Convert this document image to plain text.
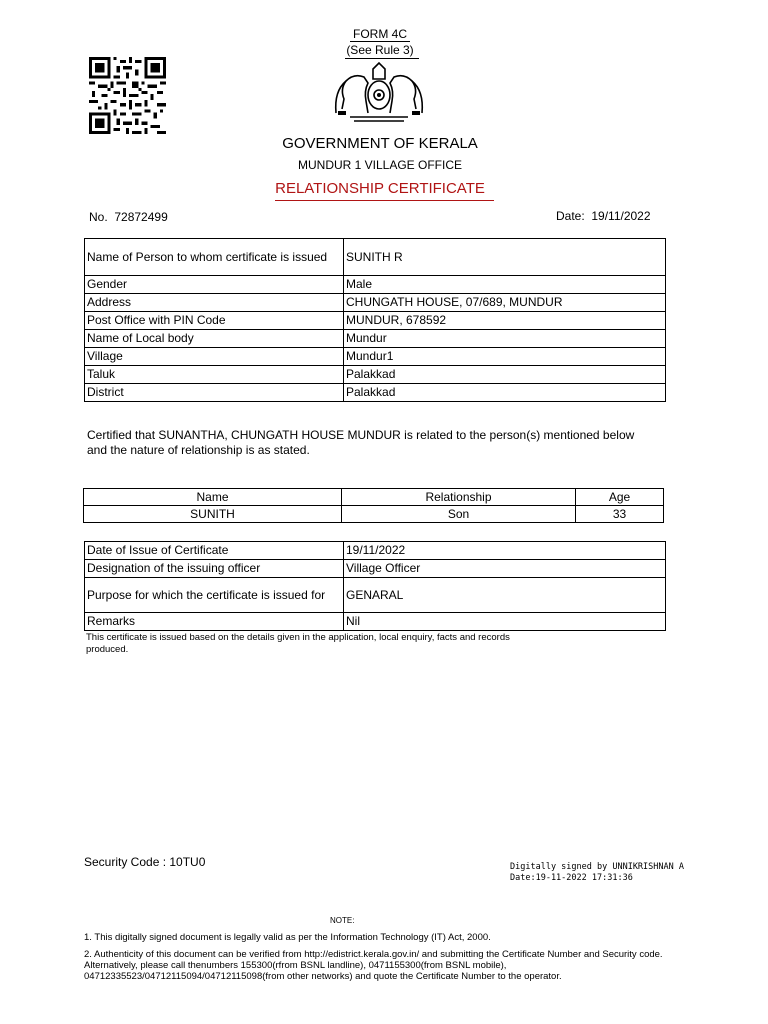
FORM 4C
(See Rule 3)
GOVERNMENT OF KERALA
MUNDUR 1 VILLAGE OFFICE
RELATIONSHIP CERTIFICATE
No. 72872499	Date: 19/11/2022
Name of Person to whom certificate is issued	SUNITH R
Gender	Male
Address	CHUNGATH HOUSE, 07/689, MUNDUR
Post Office with PIN Code	MUNDUR, 678592
Name of Local body	Mundur
Village	Mundur1
Taluk	Palakkad
District	Palakkad
Certified that SUNANTHA, CHUNGATH HOUSE MUNDUR is related to the person(s) mentioned below and the nature of relationship is as stated.
Name	Relationship	Age
SUNITH	Son	33
Date of Issue of Certificate	19/11/2022
Designation of the issuing officer	Village Officer
Purpose for which the certificate is issued for	GENARAL
Remarks	Nil
This certificate is issued based on the details given in the application, local enquiry, facts and records produced.
Security Code : 10TU0	Digitally signed by UNNIKRISHNAN A
Date:19-11-2022 17:31:36
NOTE:
1. This digitally signed document is legally valid as per the Information Technology (IT) Act, 2000.
2. Authenticity of this document can be verified from http://edistrict.kerala.gov.in/ and submitting the Certificate Number and Security code. Alternatively, please call thenumbers 155300(rfrom BSNL landline), 0471155300(from BSNL mobile), 04712335523/04712115094/04712115098(from other networks) and quote the Certificate Number to the operator.
